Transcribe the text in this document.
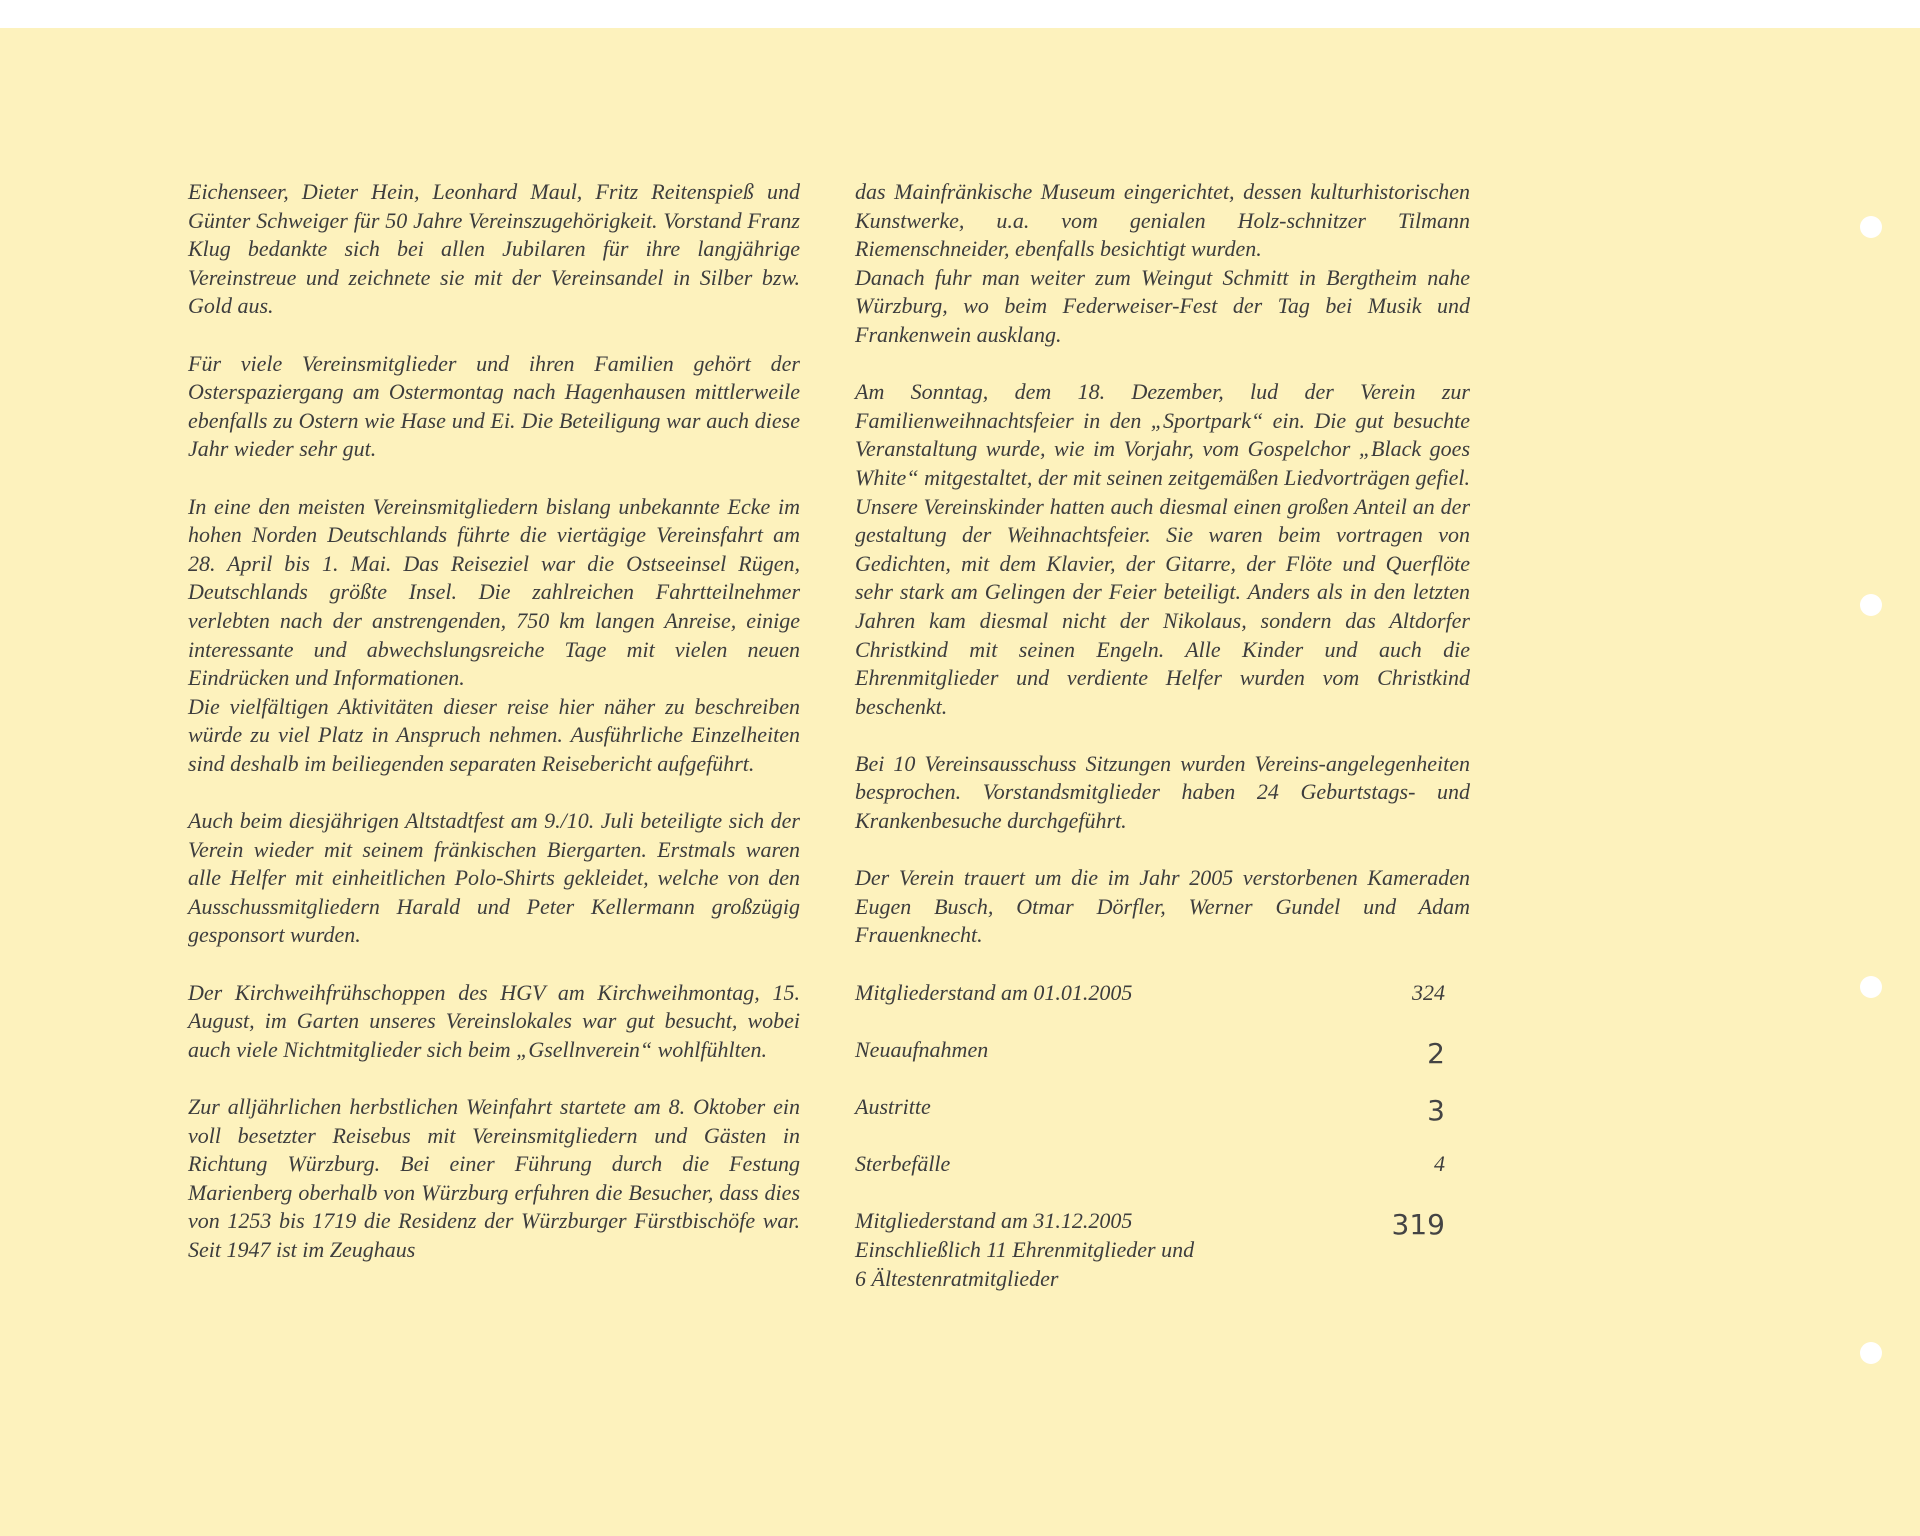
Eichenseer, Dieter Hein, Leonhard Maul, Fritz Reitenspieß und Günter Schweiger für 50 Jahre Vereinszugehörigkeit. Vorstand Franz Klug bedankte sich bei allen Jubilaren für ihre langjährige Vereinstreue und zeichnete sie mit der Vereinsandel in Silber bzw. Gold aus.

Für viele Vereinsmitglieder und ihren Familien gehört der Osterspaziergang am Ostermontag nach Hagenhausen mittlerweile ebenfalls zu Ostern wie Hase und Ei. Die Beteiligung war auch diese Jahr wieder sehr gut.

In eine den meisten Vereinsmitgliedern bislang unbekannte Ecke im hohen Norden Deutschlands führte die viertägige Vereinsfahrt am 28. April bis 1. Mai. Das Reiseziel war die Ostseeinsel Rügen, Deutschlands größte Insel. Die zahlreichen Fahrtteilnehmer verlebten nach der anstrengenden, 750 km langen Anreise, einige interessante und abwechslungsreiche Tage mit vielen neuen Eindrücken und Informationen.

Die vielfältigen Aktivitäten dieser reise hier näher zu beschreiben würde zu viel Platz in Anspruch nehmen. Ausführliche Einzelheiten sind deshalb im beiliegenden separaten Reisebericht aufgeführt.

Auch beim diesjährigen Altstadtfest am 9./10. Juli beteiligte sich der Verein wieder mit seinem fränkischen Biergarten. Erstmals waren alle Helfer mit einheitlichen Polo-Shirts gekleidet, welche von den Ausschussmitgliedern Harald und Peter Kellermann großzügig gesponsort wurden.

Der Kirchweihfrühschoppen des HGV am Kirchweihmontag, 15. August, im Garten unseres Vereinslokales war gut besucht, wobei auch viele Nichtmitglieder sich beim „Gsellnverein“ wohlfühlten.

Zur alljährlichen herbstlichen Weinfahrt startete am 8. Oktober ein voll besetzter Reisebus mit Vereinsmitgliedern und Gästen in Richtung Würzburg. Bei einer Führung durch die Festung Marienberg oberhalb von Würzburg erfuhren die Besucher, dass dies von 1253 bis 1719 die Residenz der Würzburger Fürstbischöfe war. Seit 1947 ist im Zeughaus

das Mainfränkische Museum eingerichtet, dessen kulturhistorischen Kunstwerke, u.a. vom genialen Holz-schnitzer Tilmann Riemenschneider, ebenfalls besichtigt wurden.

Danach fuhr man weiter zum Weingut Schmitt in Bergtheim nahe Würzburg, wo beim Federweiser-Fest der Tag bei Musik und Frankenwein ausklang.

Am Sonntag, dem 18. Dezember, lud der Verein zur Familienweihnachtsfeier in den „Sportpark“ ein. Die gut besuchte Veranstaltung wurde, wie im Vorjahr, vom Gospelchor „Black goes White“ mitgestaltet, der mit seinen zeitgemäßen Liedvorträgen gefiel. Unsere Vereinskinder hatten auch diesmal einen großen Anteil an der gestaltung der Weihnachtsfeier. Sie waren beim vortragen von Gedichten, mit dem Klavier, der Gitarre, der Flöte und Querflöte sehr stark am Gelingen der Feier beteiligt. Anders als in den letzten Jahren kam diesmal nicht der Nikolaus, sondern das Altdorfer Christkind mit seinen Engeln. Alle Kinder und auch die Ehrenmitglieder und verdiente Helfer wurden vom Christkind beschenkt.

Bei 10 Vereinsausschuss Sitzungen wurden Vereins-angelegenheiten besprochen. Vorstandsmitglieder haben 24 Geburtstags- und Krankenbesuche durchgeführt.

Der Verein trauert um die im Jahr 2005 verstorbenen Kameraden Eugen Busch, Otmar Dörfler, Werner Gundel und Adam Frauenknecht.

Mitgliederstand am 01.01.2005	324
Neuaufnahmen	2
Austritte	3
Sterbefälle	4
Mitgliederstand am 31.12.2005	319
Einschließlich 11 Ehrenmitglieder und
6 Ältestenratmitglieder
